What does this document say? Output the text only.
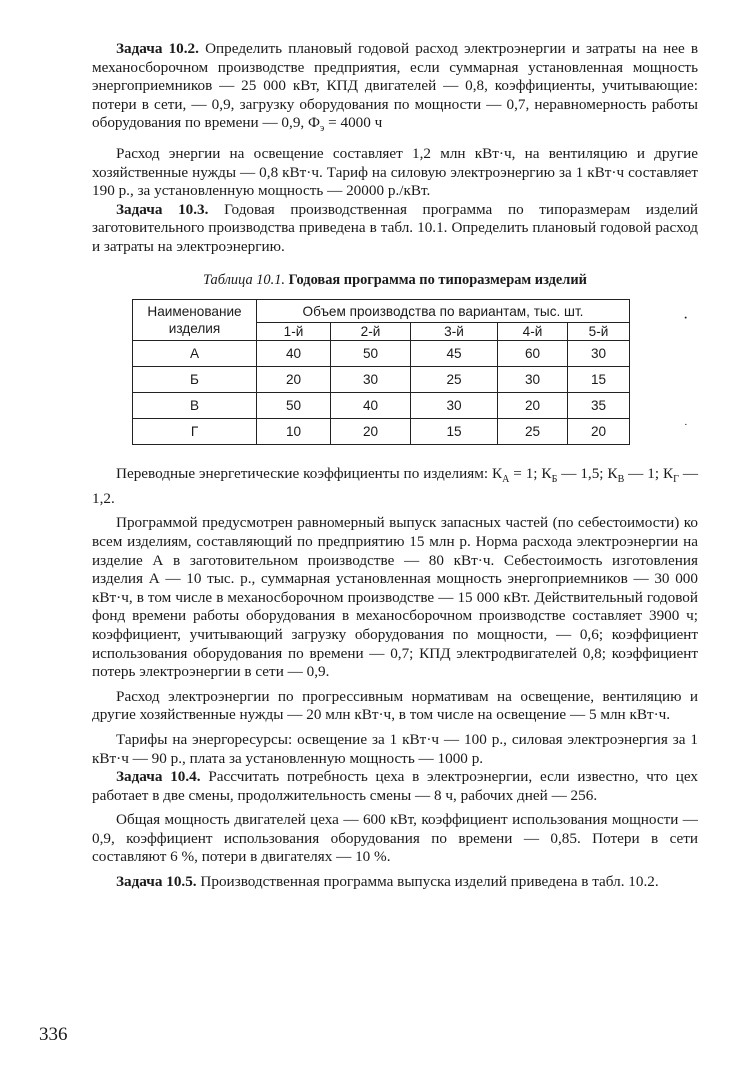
Задача 10.2. Определить плановый годовой расход электроэнергии и затраты на нее в механосборочном производстве предприятия, если суммарная установленная мощность энергоприемников — 25 000 кВт, КПД двигателей — 0,8, коэффициенты, учитывающие: потери в сети, — 0,9, загрузку оборудования по мощности — 0,7, неравномерность работы оборудования по времени — 0,9, $Ф_э = 4000$ ч

Расход энергии на освещение составляет 1,2 млн кВт·ч, на вентиляцию и другие хозяйственные нужды — 0,8 кВт·ч. Тариф на силовую электроэнергию за 1 кВт·ч составляет 190 р., за установленную мощность — 20000 р./кВт.

Задача 10.3. Годовая производственная программа по типоразмерам изделий заготовительного производства приведена в табл. 10.1. Определить плановый годовой расход и затраты на электроэнергию.

Таблица 10.1. Годовая программа по типоразмерам изделий

Наименование изделия	Объем производства по вариантам, тыс. шт.				
	1-й	2-й	3-й	4-й	5-й
А	40	50	45	60	30
Б	20	30	25	30	15
В	50	40	30	20	35
Г	10	20	15	25	20

Переводные энергетические коэффициенты по изделиям: $К_А = 1$; $К_Б$ — 1,5; $К_В$ — 1; $К_Г$ — 1,2.

Программой предусмотрен равномерный выпуск запасных частей (по себестоимости) ко всем изделиям, составляющий по предприятию 15 млн р. Норма расхода электроэнергии на изделие А в заготовительном производстве — 80 кВт·ч. Себестоимость изготовления изделия А — 10 тыс. р., суммарная установленная мощность энергоприемников — 30 000 кВт·ч, в том числе в механосборочном производстве — 15 000 кВт. Действительный годовой фонд времени работы оборудования в механосборочном производстве составляет 3900 ч; коэффициент, учитывающий загрузку оборудования по мощности, — 0,6; коэффициент использования оборудования по времени — 0,7; КПД электродвигателей 0,8; коэффициент потерь электроэнергии в сети — 0,9.

Расход электроэнергии по прогрессивным нормативам на освещение, вентиляцию и другие хозяйственные нужды — 20 млн кВт·ч, в том числе на освещение — 5 млн кВт·ч.

Тарифы на энергоресурсы: освещение за 1 кВт·ч — 100 р., силовая электроэнергия за 1 кВт·ч — 90 р., плата за установленную мощность — 1000 р.

Задача 10.4. Рассчитать потребность цеха в электроэнергии, если известно, что цех работает в две смены, продолжительность смены — 8 ч, рабочих дней — 256.

Общая мощность двигателей цеха — 600 кВт, коэффициент использования мощности — 0,9, коэффициент использования оборудования по времени — 0,85. Потери в сети составляют 6 %, потери в двигателях — 10 %.

Задача 10.5. Производственная программа выпуска изделий приведена в табл. 10.2.

336
·
·
